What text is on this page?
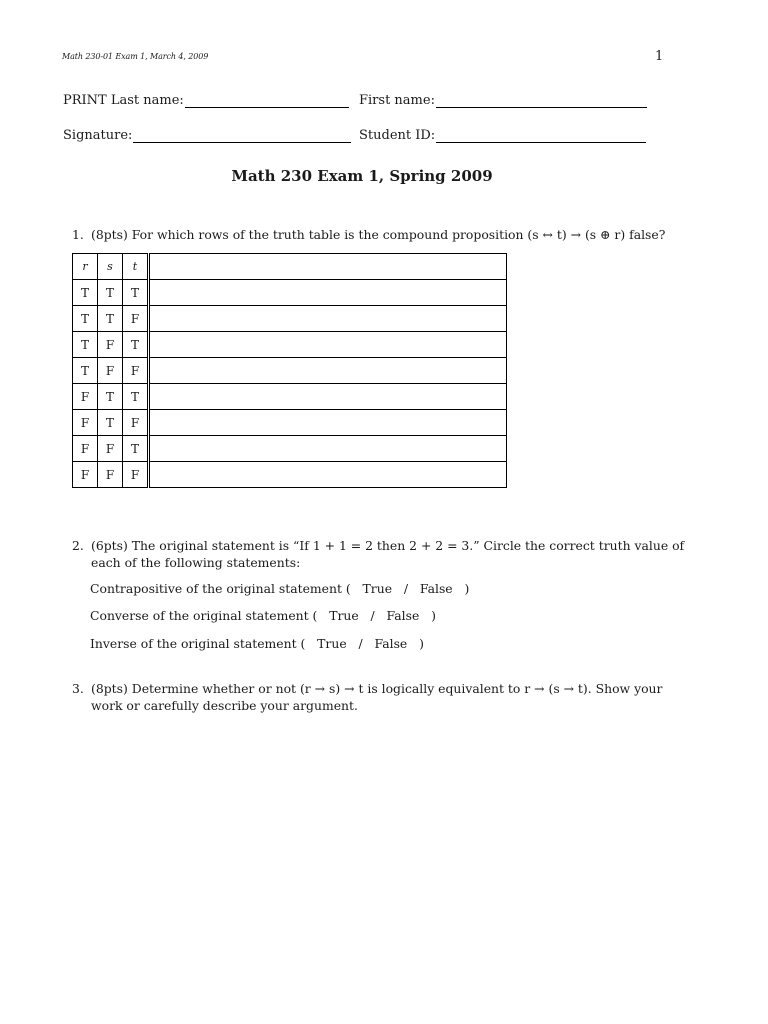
Math 230-01 Exam 1, March 4, 2009	1
PRINT Last name:	First name:
Signature:	Student ID:
Math 230 Exam 1, Spring 2009
1. (8pts) For which rows of the truth table is the compound proposition (s ↔ t) → (s ⊕ r) false?
r	s	t	
T	T	T	
T	T	F	
T	F	T	
T	F	F	
F	T	T	
F	T	F	
F	F	T	
F	F	F	
2. (6pts) The original statement is “If 1 + 1 = 2 then 2 + 2 = 3.” Circle the correct truth value of
each of the following statements:
Contrapositive of the original statement (   True   /   False   )
Converse of the original statement (   True   /   False   )
Inverse of the original statement (   True   /   False   )
3. (8pts) Determine whether or not (r → s) → t is logically equivalent to r → (s → t). Show your
work or carefully describe your argument.
